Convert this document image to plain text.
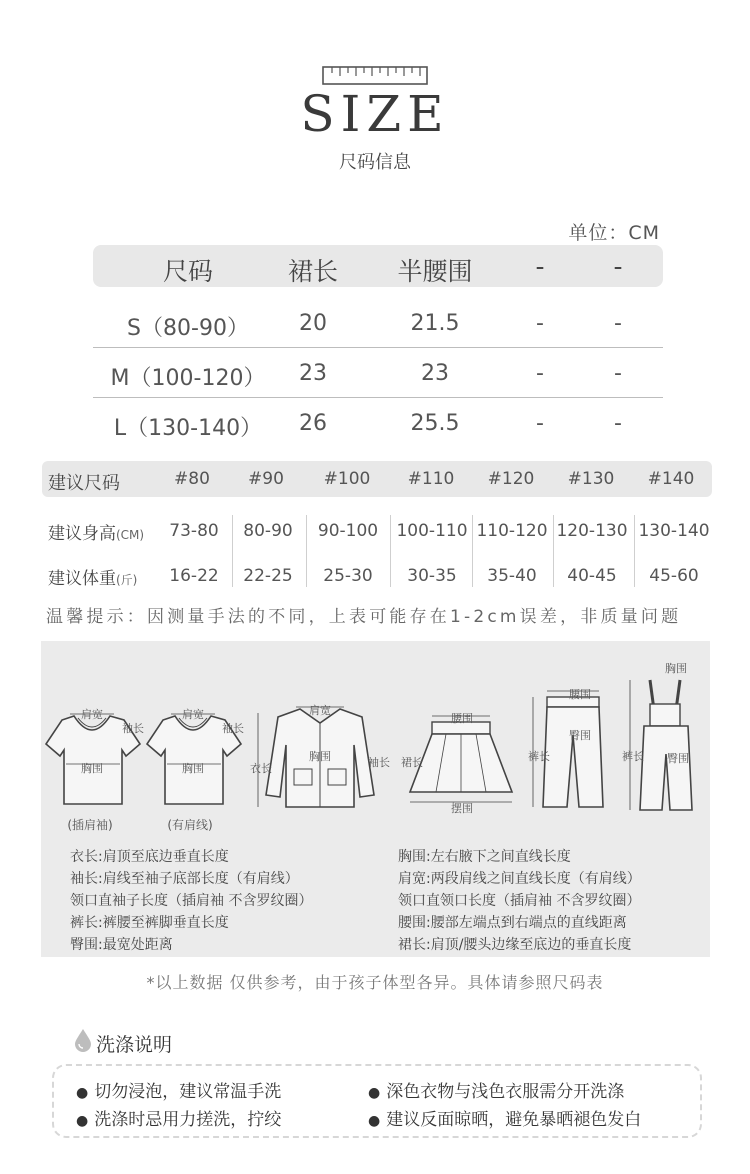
SIZE
尺码信息
单位：CM
尺码	裙长	半腰围	-	-
S（80-90）	20	21.5	-	-
M（100-120）	23	23	-	-
L（130-140）	26	25.5	-	-
建议尺码	#80	#90	#100	#110	#120	#130	#140
建议身高(CM)	73-80	80-90	90-100	100-110 110-120 120-130 130-140
建议体重(斤)	16-22	22-25	25-30	30-35	35-40	40-45	45-60
温馨提示：因测量手法的不同，上表可能存在1-2cm误差，非质量问题
肩宽
胸围
袖长
(插肩袖)
肩宽
胸围
袖长
(有肩线)
肩宽
胸围
衣长	袖长
腰围
裙长
摆围
腰围
臀围
裤长
胸围
臀围
裤长
衣长:肩顶至底边垂直长度
袖长:肩线至袖子底部长度（有肩线）
领口直袖子长度（插肩袖 不含罗纹圈）
裤长:裤腰至裤脚垂直长度
臀围:最宽处距离
胸围:左右腋下之间直线长度
肩宽:两段肩线之间直线长度（有肩线）
领口直领口长度（插肩袖 不含罗纹圈）
腰围:腰部左端点到右端点的直线距离
裙长:肩顶/腰头边缘至底边的垂直长度
*以上数据 仅供参考，由于孩子体型各异。具体请参照尺码表
洗涤说明
● 切勿浸泡，建议常温手洗	● 深色衣物与浅色衣服需分开洗涤
● 洗涤时忌用力搓洗，拧绞	● 建议反面晾晒，避免暴晒褪色发白
